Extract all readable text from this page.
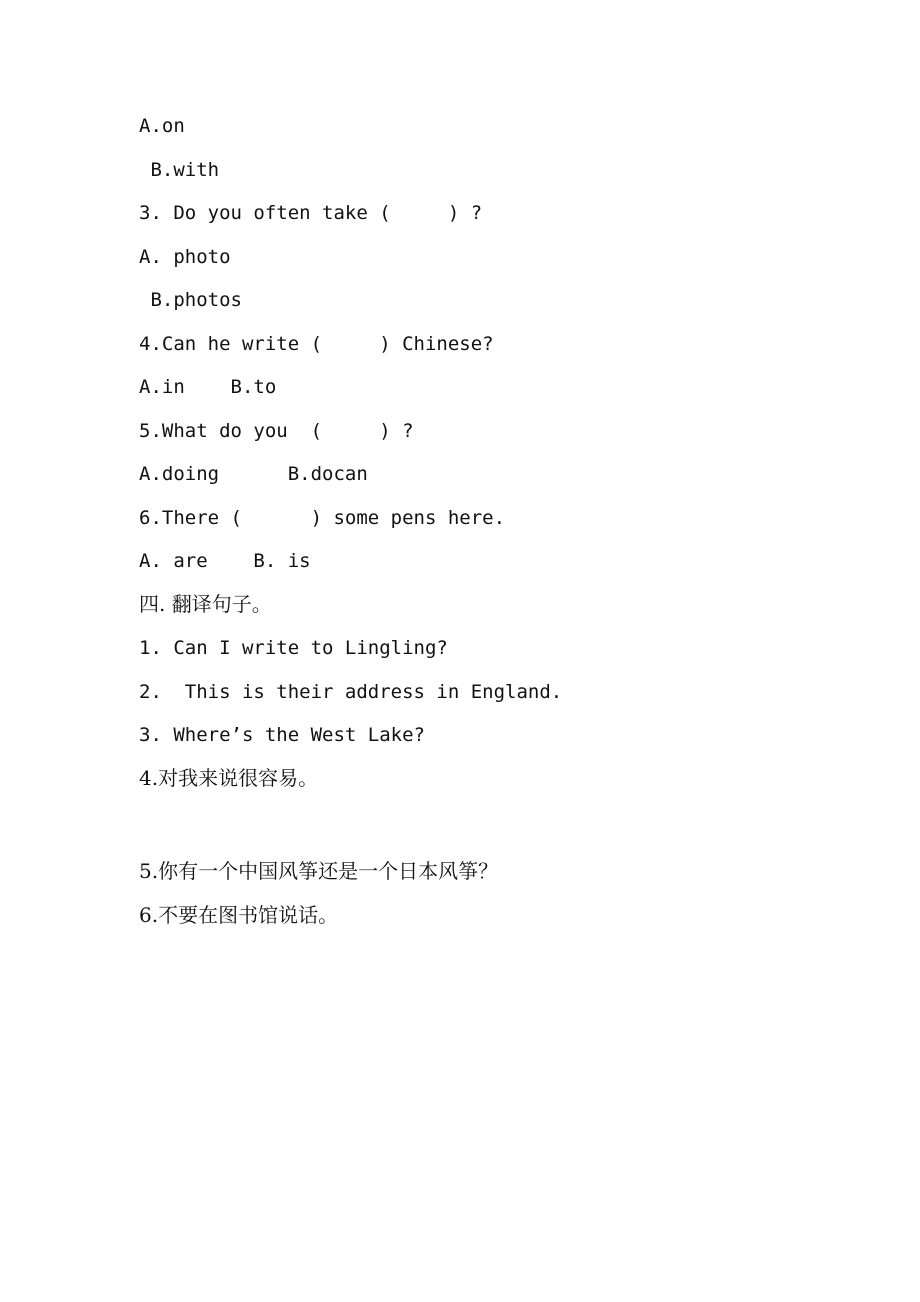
A.on
B.with
3. Do you often take (     ) ?
A. photo
B.photos
4.Can he write (     ) Chinese?
A.in    B.to
5.What do you  (     ) ?
A.doing      B.docan
6.There (      ) some pens here.
A. are    B. is
四. 翻译句子。
1. Can I write to Lingling?
2.  This is their address in England.
3. Where’s the West Lake?
4.对我来说很容易。
5.你有一个中国风筝还是一个日本风筝？
6.不要在图书馆说话。
